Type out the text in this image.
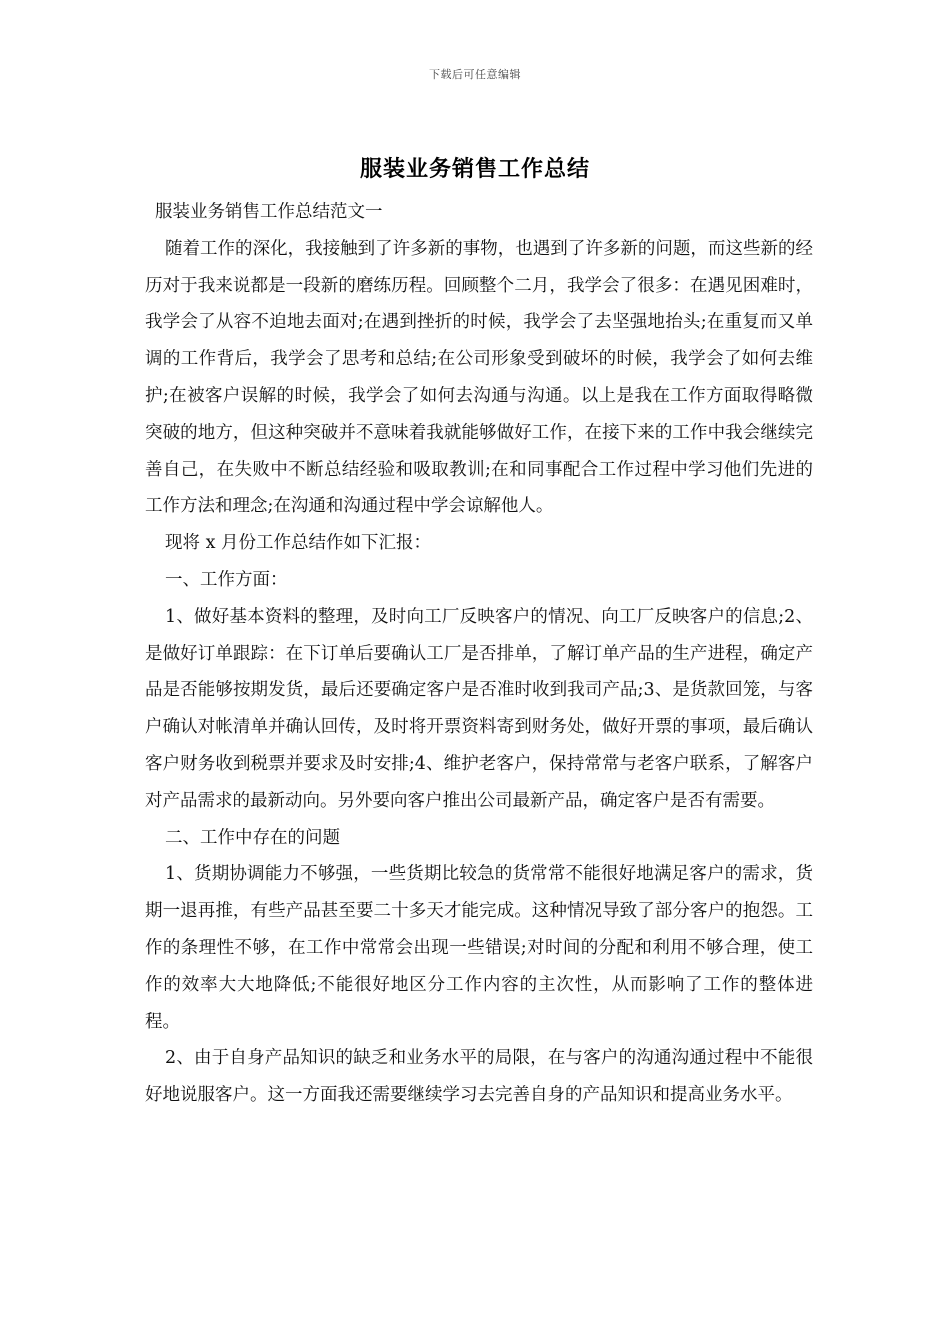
下载后可任意编辑
服装业务销售工作总结

服装业务销售工作总结范文一

随着工作的深化，我接触到了许多新的事物，也遇到了许多新的问题，而这些新的经历对于我来说都是一段新的磨练历程。回顾整个二月，我学会了很多：在遇见困难时，我学会了从容不迫地去面对;在遇到挫折的时候，我学会了去坚强地抬头;在重复而又单调的工作背后，我学会了思考和总结;在公司形象受到破坏的时候，我学会了如何去维护;在被客户误解的时候，我学会了如何去沟通与沟通。以上是我在工作方面取得略微突破的地方，但这种突破并不意味着我就能够做好工作，在接下来的工作中我会继续完善自己，在失败中不断总结经验和吸取教训;在和同事配合工作过程中学习他们先进的工作方法和理念;在沟通和沟通过程中学会谅解他人。

现将 x 月份工作总结作如下汇报：

一、工作方面：

1、做好基本资料的整理，及时向工厂反映客户的情况、向工厂反映客户的信息;2、是做好订单跟踪：在下订单后要确认工厂是否排单，了解订单产品的生产进程，确定产品是否能够按期发货，最后还要确定客户是否准时收到我司产品;3、是货款回笼，与客户确认对帐清单并确认回传，及时将开票资料寄到财务处，做好开票的事项，最后确认客户财务收到税票并要求及时安排;4、维护老客户，保持常常与老客户联系，了解客户对产品需求的最新动向。另外要向客户推出公司最新产品，确定客户是否有需要。

二、工作中存在的问题

1、货期协调能力不够强，一些货期比较急的货常常不能很好地满足客户的需求，货期一退再推，有些产品甚至要二十多天才能完成。这种情况导致了部分客户的抱怨。工作的条理性不够，在工作中常常会出现一些错误;对时间的分配和利用不够合理，使工作的效率大大地降低;不能很好地区分工作内容的主次性，从而影响了工作的整体进程。

2、由于自身产品知识的缺乏和业务水平的局限，在与客户的沟通沟通过程中不能很好地说服客户。这一方面我还需要继续学习去完善自身的产品知识和提高业务水平。
